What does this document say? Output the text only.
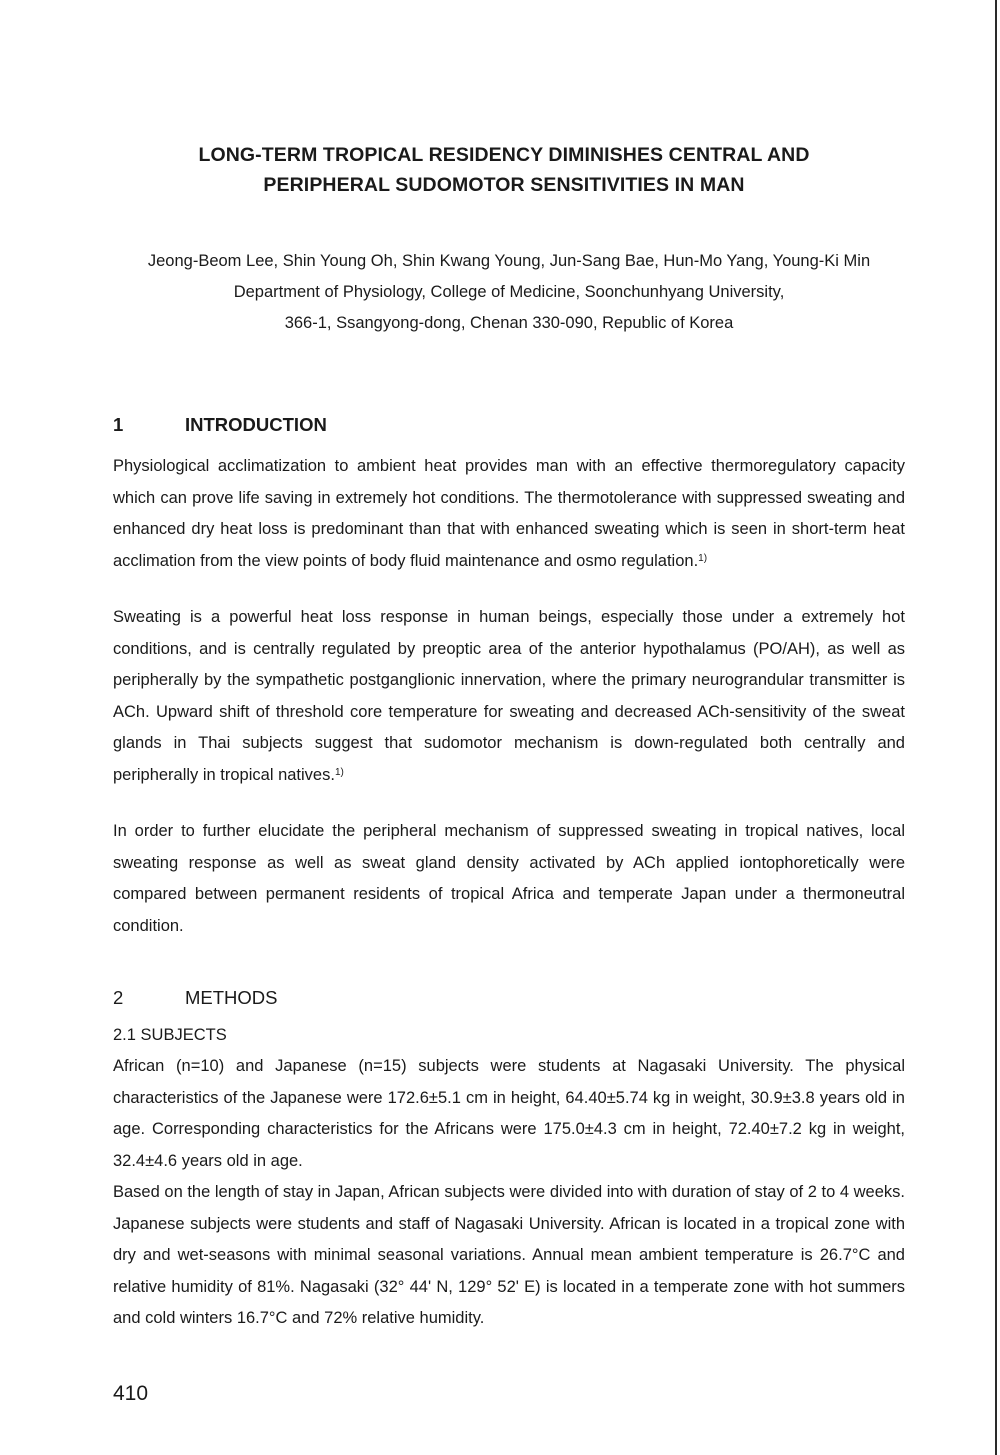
LONG-TERM TROPICAL RESIDENCY DIMINISHES CENTRAL AND
PERIPHERAL SUDOMOTOR SENSITIVITIES IN MAN
Jeong-Beom Lee, Shin Young Oh, Shin Kwang Young, Jun-Sang Bae, Hun-Mo Yang, Young-Ki Min
Department of Physiology, College of Medicine, Soonchunhyang University,
366-1, Ssangyong-dong, Chenan 330-090, Republic of Korea
1	INTRODUCTION

Physiological acclimatization to ambient heat provides man with an effective thermoregulatory capacity which can prove life saving in extremely hot conditions. The thermotolerance with suppressed sweating and enhanced dry heat loss is predominant than that with enhanced sweating which is seen in short-term heat acclimation from the view points of body fluid maintenance and osmo regulation.$^{1)}$

Sweating is a powerful heat loss response in human beings, especially those under a extremely hot conditions, and is centrally regulated by preoptic area of the anterior hypothalamus (PO/AH), as well as peripherally by the sympathetic postganglionic innervation, where the primary neurograndular transmitter is ACh. Upward shift of threshold core temperature for sweating and decreased ACh-sensitivity of the sweat glands in Thai subjects suggest that sudomotor mechanism is down-regulated both centrally and peripherally in tropical natives.$^{1)}$

In order to further elucidate the peripheral mechanism of suppressed sweating in tropical natives, local sweating response as well as sweat gland density activated by ACh applied iontophoretically were compared between permanent residents of tropical Africa and temperate Japan under a thermoneutral condition.

2	METHODS
2.1 SUBJECTS

African (n=10) and Japanese (n=15) subjects were students at Nagasaki University. The physical characteristics of the Japanese were 172.6±5.1 cm in height, 64.40±5.74 kg in weight, 30.9±3.8 years old in age. Corresponding characteristics for the Africans were 175.0±4.3 cm in height, 72.40±7.2 kg in weight, 32.4±4.6 years old in age.

Based on the length of stay in Japan, African subjects were divided into with duration of stay of 2 to 4 weeks. Japanese subjects were students and staff of Nagasaki University. African is located in a tropical zone with dry and wet-seasons with minimal seasonal variations. Annual mean ambient temperature is 26.7°C and relative humidity of 81%. Nagasaki (32° 44' N, 129° 52' E) is located in a temperate zone with hot summers and cold winters 16.7°C and 72% relative humidity.

410
